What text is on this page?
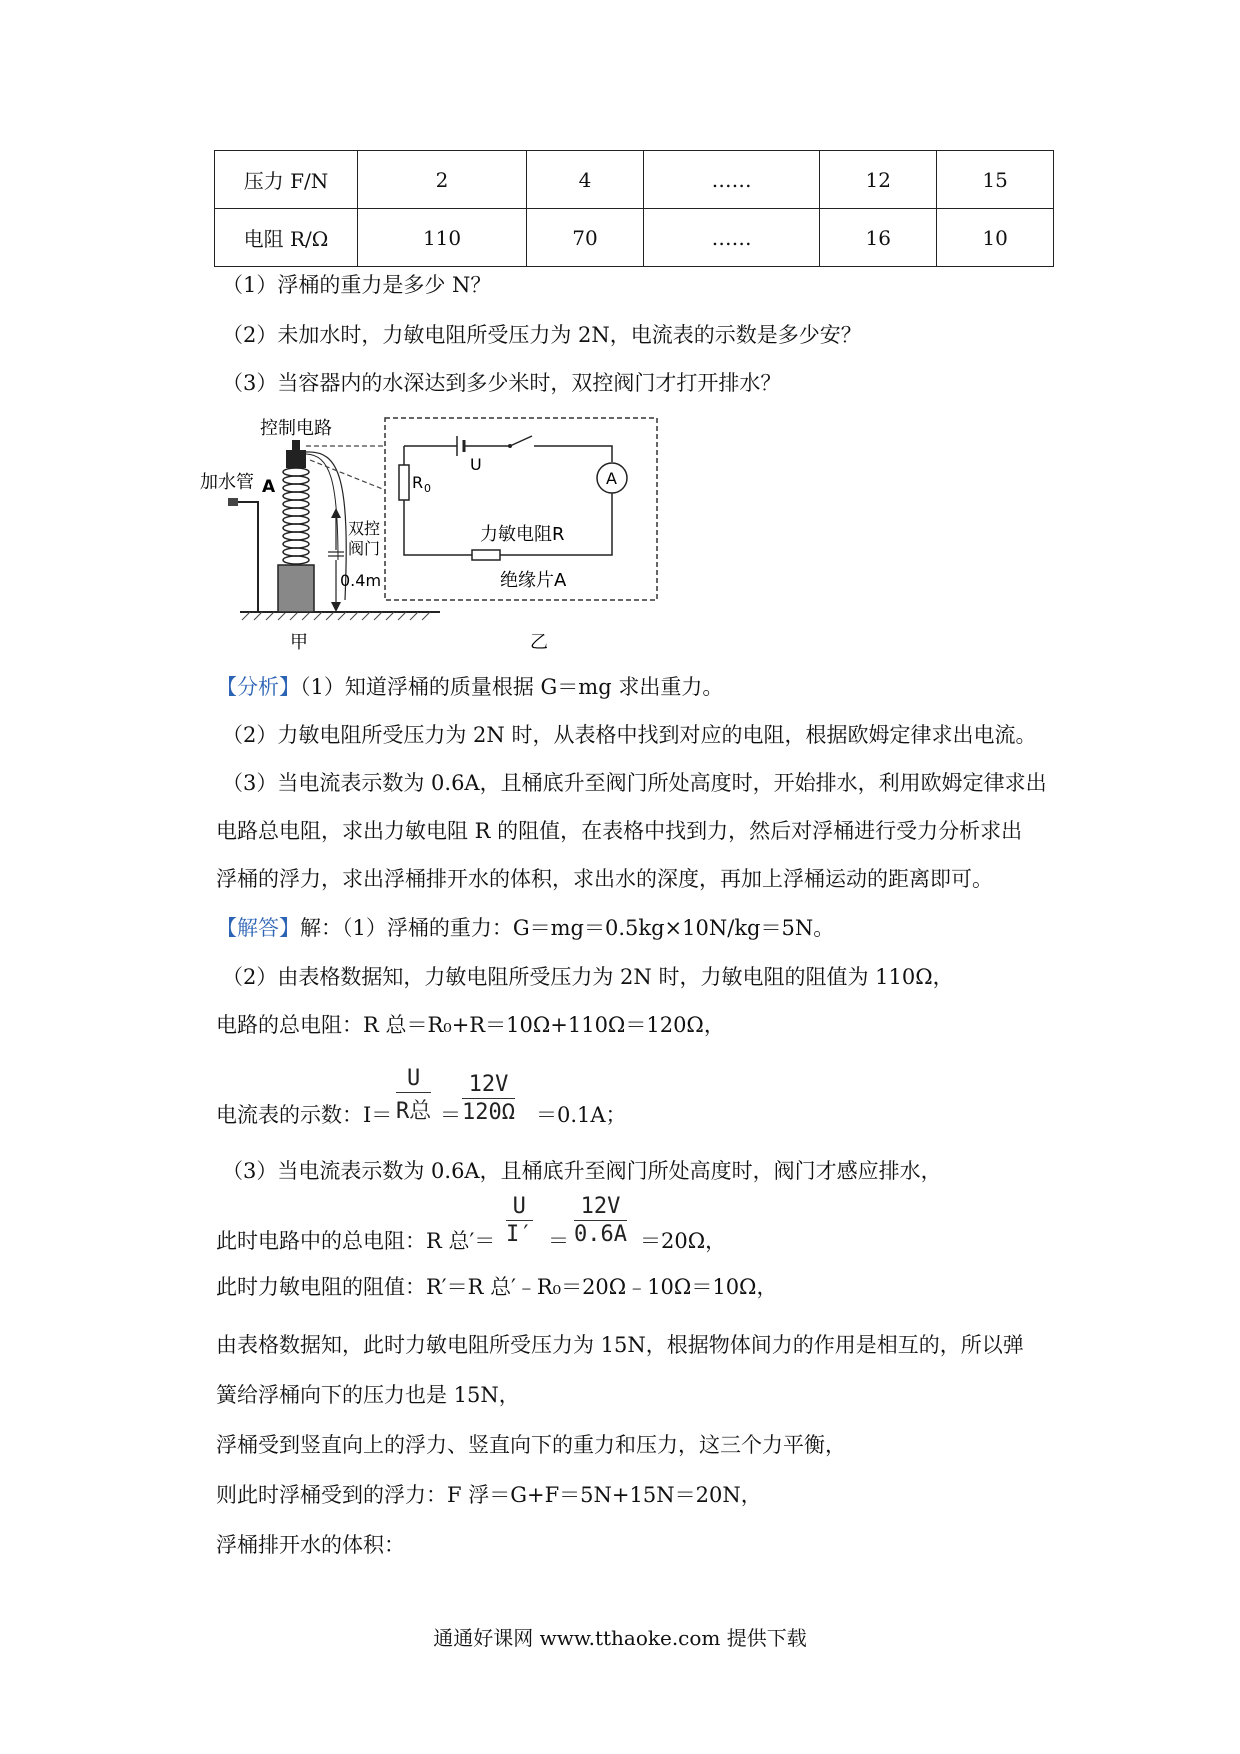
压力 F/N	2	4	……	12	15
电阻 R/Ω	110	70	……	16	10
（1）浮桶的重力是多少 N？
（2）未加水时，力敏电阻所受压力为 2N，电流表的示数是多少安？
（3）当容器内的水深达到多少米时，双控阀门才打开排水？
控制电路
加水管 A
双控
阀门
0.4m
U
R 0
A
力敏电阻R
绝缘片A
甲	乙
【分析】（1）知道浮桶的质量根据 G＝mg 求出重力。
（2）力敏电阻所受压力为 2N 时，从表格中找到对应的电阻，根据欧姆定律求出电流。
（3）当电流表示数为 0.6A，且桶底升至阀门所处高度时，开始排水，利用欧姆定律求出
电路总电阻，求出力敏电阻 R 的阻值，在表格中找到力，然后对浮桶进行受力分析求出
浮桶的浮力，求出浮桶排开水的体积，求出水的深度，再加上浮桶运动的距离即可。
【解答】解：（1）浮桶的重力：G＝mg＝0.5kg×10N/kg＝5N。
（2）由表格数据知，力敏电阻所受压力为 2N 时，力敏电阻的阻值为 110Ω，
电路的总电阻：R 总＝R₀+R＝10Ω+110Ω＝120Ω，
电流表的示数：I＝
U
R总 ＝
12V
120Ω ＝0.1A；
（3）当电流表示数为 0.6A，且桶底升至阀门所处高度时，阀门才感应排水，
此时电路中的总电阻：R 总′＝
U
I′ ＝
12V
0.6A ＝20Ω，
此时力敏电阻的阻值：R′＝R 总′﹣R₀＝20Ω﹣10Ω＝10Ω，
由表格数据知，此时力敏电阻所受压力为 15N，根据物体间力的作用是相互的，所以弹
簧给浮桶向下的压力也是 15N，
浮桶受到竖直向上的浮力、竖直向下的重力和压力，这三个力平衡，
则此时浮桶受到的浮力：F 浮＝G+F＝5N+15N＝20N，
浮桶排开水的体积：
通通好课网 www.tthaoke.com 提供下载
